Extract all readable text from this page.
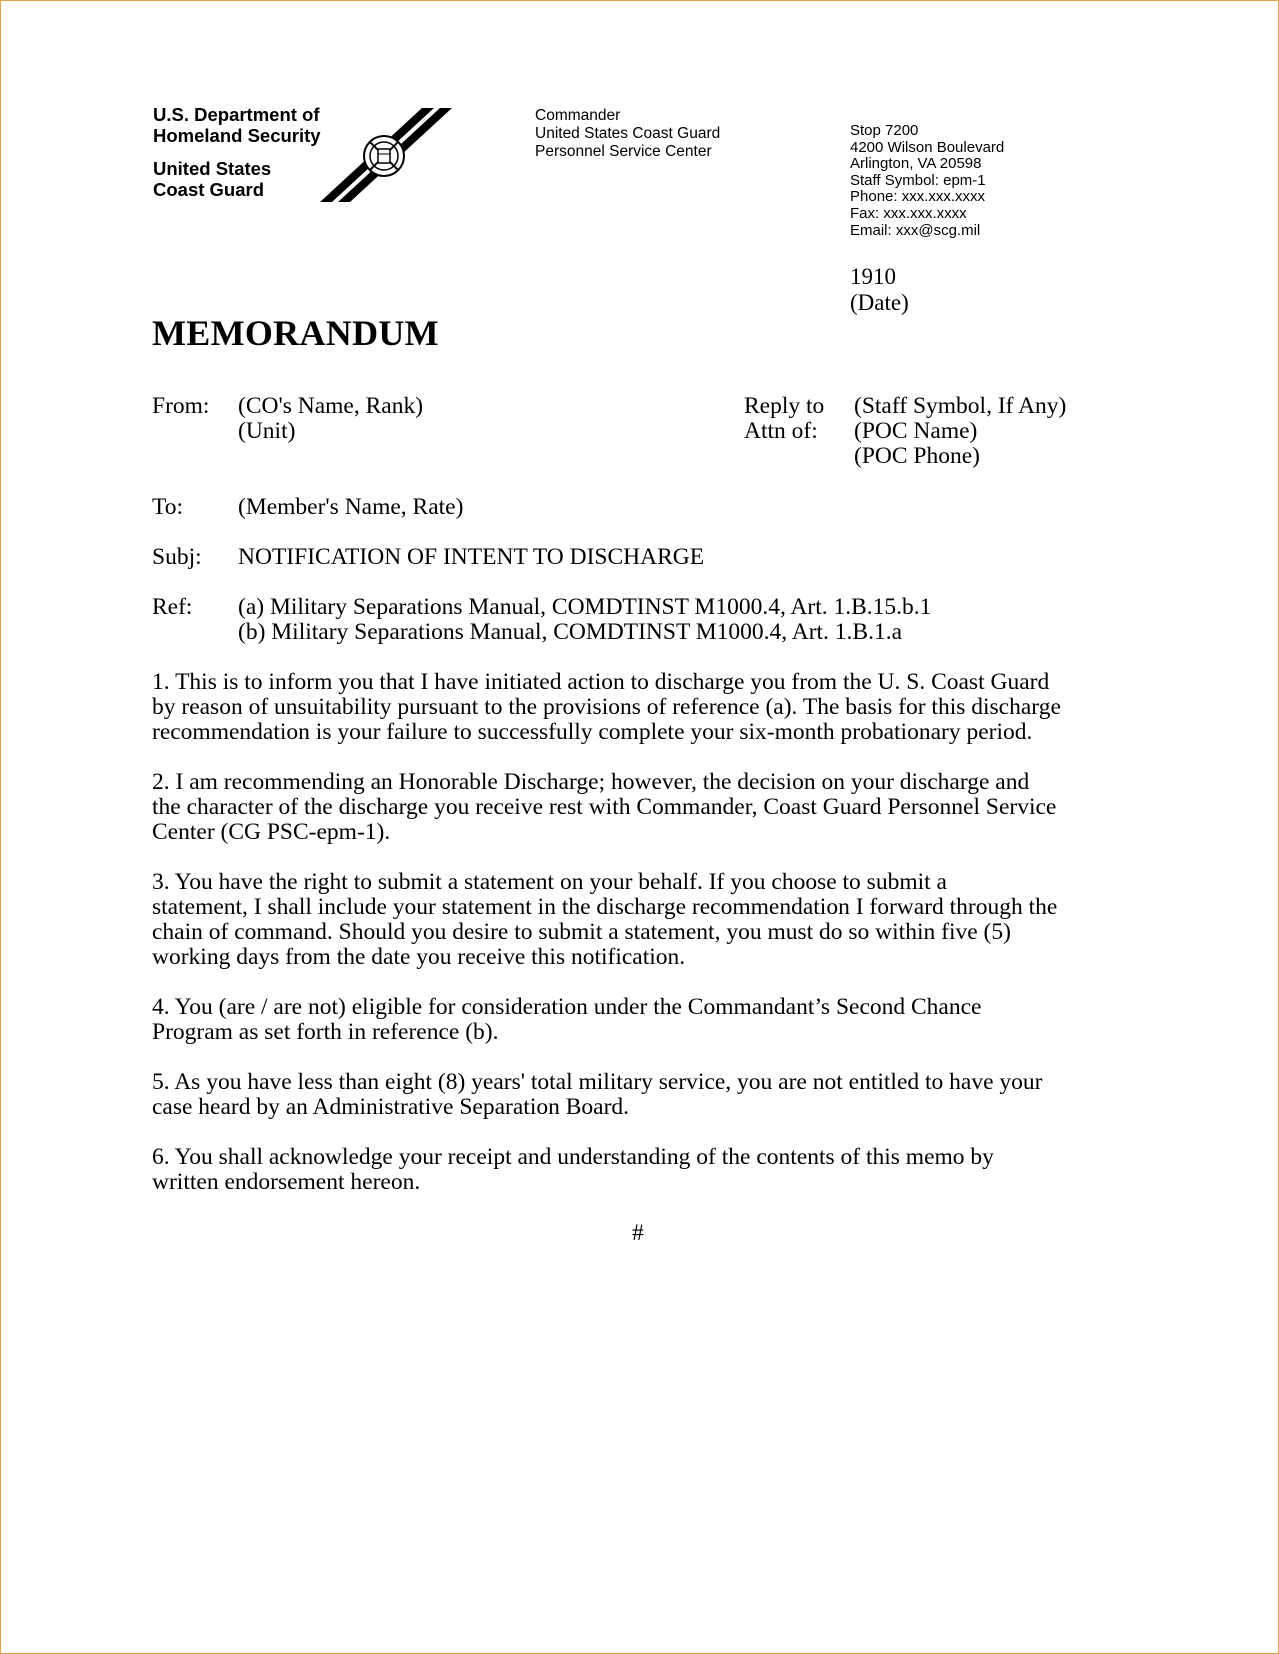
U.S. Department of
Homeland Security
United States
Coast Guard
Commander
United States Coast Guard
Personnel Service Center
Stop 7200
4200 Wilson Boulevard
Arlington, VA 20598
Staff Symbol: epm-1
Phone: xxx.xxx.xxxx
Fax: xxx.xxx.xxxx
Email: xxx@scg.mil
1910
(Date)
MEMORANDUM
From: (CO's Name, Rank)
(Unit)
Reply to
Attn of:
(Staff Symbol, If Any)
(POC Name)
(POC Phone)
To: (Member's Name, Rate)
Subj: NOTIFICATION OF INTENT TO DISCHARGE
Ref: (a) Military Separations Manual, COMDTINST M1000.4, Art. 1.B.15.b.1
(b) Military Separations Manual, COMDTINST M1000.4, Art. 1.B.1.a
1. This is to inform you that I have initiated action to discharge you from the U. S. Coast Guard
by reason of unsuitability pursuant to the provisions of reference (a). The basis for this discharge
recommendation is your failure to successfully complete your six-month probationary period.
2. I am recommending an Honorable Discharge; however, the decision on your discharge and
the character of the discharge you receive rest with Commander, Coast Guard Personnel Service
Center (CG PSC-epm-1).
3. You have the right to submit a statement on your behalf. If you choose to submit a
statement, I shall include your statement in the discharge recommendation I forward through the
chain of command. Should you desire to submit a statement, you must do so within five (5)
working days from the date you receive this notification.
4. You (are / are not) eligible for consideration under the Commandant’s Second Chance
Program as set forth in reference (b).
5. As you have less than eight (8) years' total military service, you are not entitled to have your
case heard by an Administrative Separation Board.
6. You shall acknowledge your receipt and understanding of the contents of this memo by
written endorsement hereon.
#
